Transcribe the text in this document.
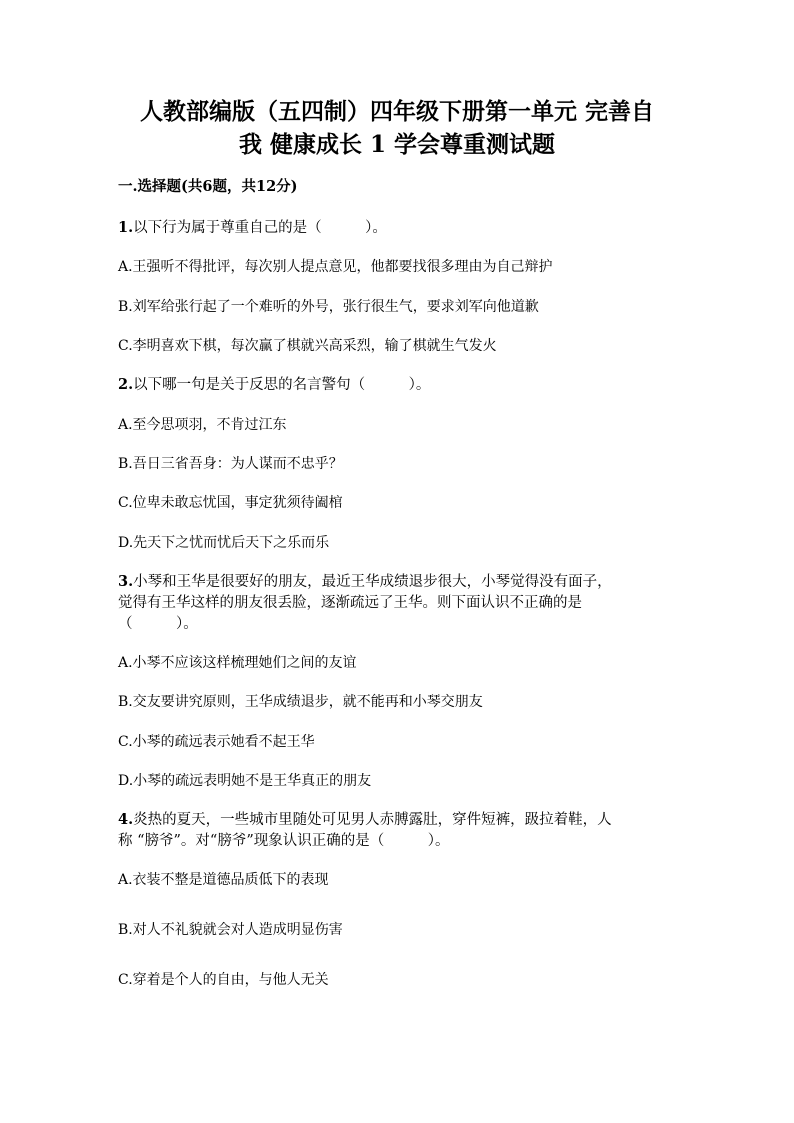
人教部编版（五四制）四年级下册第一单元 完善自
我 健康成长 1 学会尊重测试题
一.选择题(共6题，共12分)

1.以下行为属于尊重自己的是（　　　）。

A.王强听不得批评，每次别人提点意见，他都要找很多理由为自己辩护

B.刘军给张行起了一个难听的外号，张行很生气，要求刘军向他道歉

C.李明喜欢下棋，每次赢了棋就兴高采烈，输了棋就生气发火

2.以下哪一句是关于反思的名言警句（　　　）。

A.至今思项羽，不肯过江东

B.吾日三省吾身：为人谋而不忠乎？

C.位卑未敢忘忧国，事定犹须待阖棺

D.先天下之忧而忧后天下之乐而乐

3.小琴和王华是很要好的朋友，最近王华成绩退步很大，小琴觉得没有面子，

觉得有王华这样的朋友很丢脸，逐渐疏远了王华。则下面认识不正确的是

（　　　）。

A.小琴不应该这样梳理她们之间的友谊

B.交友要讲究原则，王华成绩退步，就不能再和小琴交朋友

C.小琴的疏远表示她看不起王华

D.小琴的疏远表明她不是王华真正的朋友

4.炎热的夏天，一些城市里随处可见男人赤膊露肚，穿件短裤，趿拉着鞋，人

称 “膀爷”。对“膀爷”现象认识正确的是（　　　）。

A.衣装不整是道德品质低下的表现

B.对人不礼貌就会对人造成明显伤害

C.穿着是个人的自由，与他人无关
